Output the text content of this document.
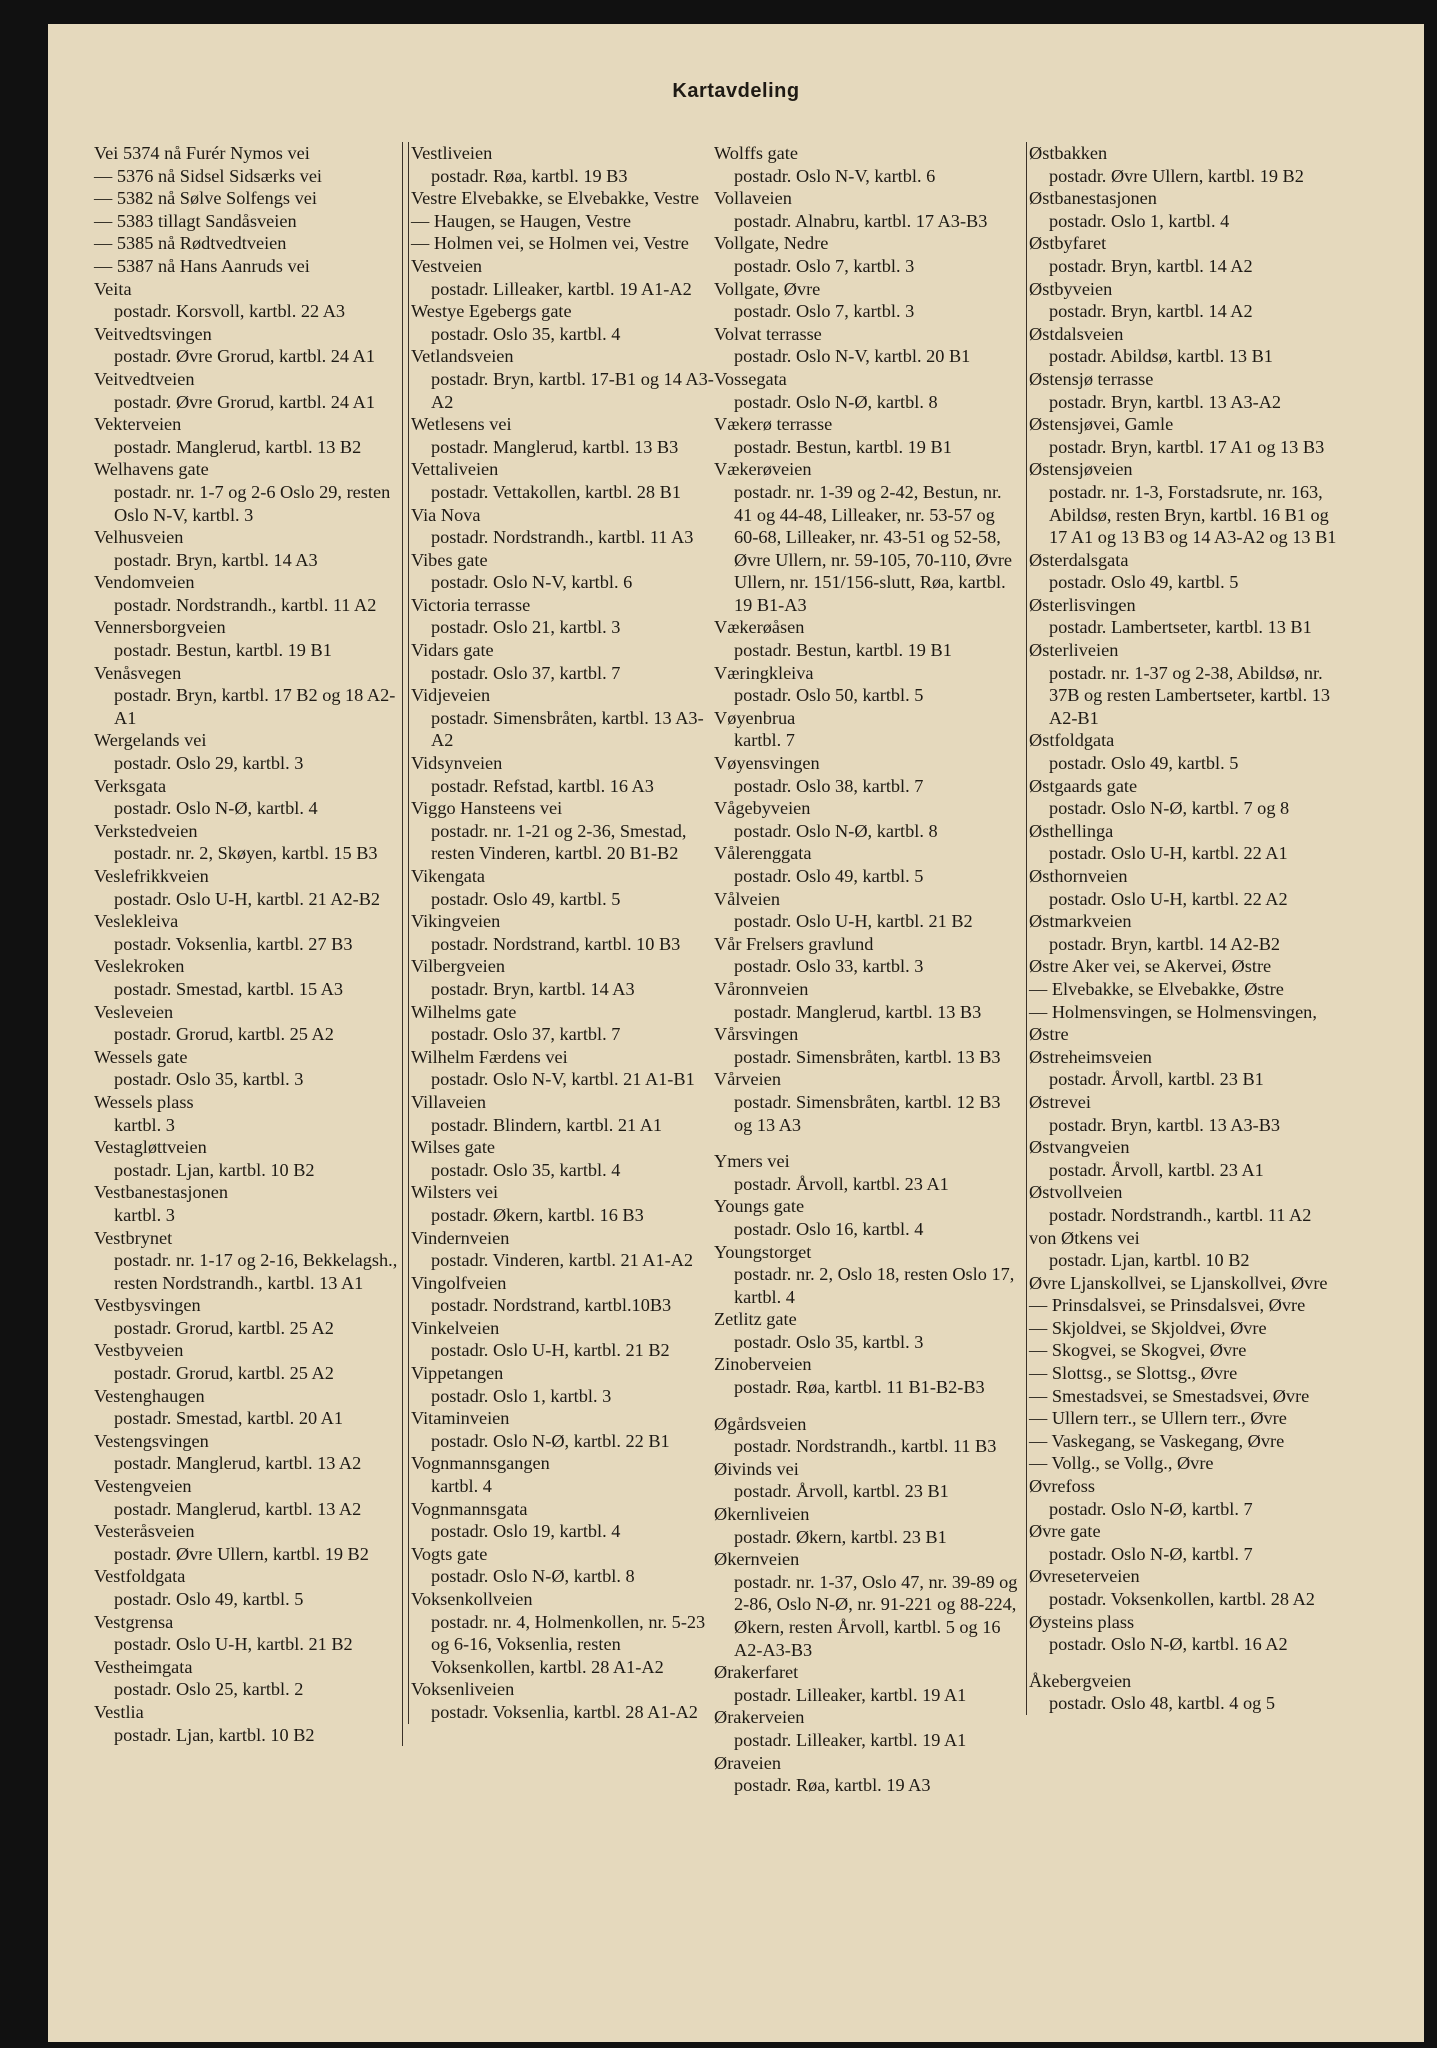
Kartavdeling
Vei 5374 nå Furér Nymos vei
— 5376 nå Sidsel Sidsærks vei
— 5382 nå Sølve Solfengs vei
— 5383 tillagt Sandåsveien
— 5385 nå Rødtvedtveien
— 5387 nå Hans Aanruds vei
Veita
postadr. Korsvoll, kartbl. 22 A3
Veitvedtsvingen
postadr. Øvre Grorud, kartbl. 24 A1
Veitvedtveien
postadr. Øvre Grorud, kartbl. 24 A1
Vekterveien
postadr. Manglerud, kartbl. 13 B2
Welhavens gate
postadr. nr. 1-7 og 2-6 Oslo 29, resten Oslo N-V, kartbl. 3
Velhusveien
postadr. Bryn, kartbl. 14 A3
Vendomveien
postadr. Nordstrandh., kartbl. 11 A2
Vennersborgveien
postadr. Bestun, kartbl. 19 B1
Venåsvegen
postadr. Bryn, kartbl. 17 B2 og 18 A2-A1
Wergelands vei
postadr. Oslo 29, kartbl. 3
Verksgata
postadr. Oslo N-Ø, kartbl. 4
Verkstedveien
postadr. nr. 2, Skøyen, kartbl. 15 B3
Veslefrikkveien
postadr. Oslo U-H, kartbl. 21 A2-B2
Veslekleiva
postadr. Voksenlia, kartbl. 27 B3
Veslekroken
postadr. Smestad, kartbl. 15 A3
Vesleveien
postadr. Grorud, kartbl. 25 A2
Wessels gate
postadr. Oslo 35, kartbl. 3
Wessels plass
kartbl. 3
Vestagløttveien
postadr. Ljan, kartbl. 10 B2
Vestbanestasjonen
kartbl. 3
Vestbrynet
postadr. nr. 1-17 og 2-16, Bekkelagsh., resten Nordstrandh., kartbl. 13 A1
Vestbysvingen
postadr. Grorud, kartbl. 25 A2
Vestbyveien
postadr. Grorud, kartbl. 25 A2
Vestenghaugen
postadr. Smestad, kartbl. 20 A1
Vestengsvingen
postadr. Manglerud, kartbl. 13 A2
Vestengveien
postadr. Manglerud, kartbl. 13 A2
Vesteråsveien
postadr. Øvre Ullern, kartbl. 19 B2
Vestfoldgata
postadr. Oslo 49, kartbl. 5
Vestgrensa
postadr. Oslo U-H, kartbl. 21 B2
Vestheimgata
postadr. Oslo 25, kartbl. 2
Vestlia
postadr. Ljan, kartbl. 10 B2
Vestliveien
postadr. Røa, kartbl. 19 B3
Vestre Elvebakke, se Elvebakke, Vestre
— Haugen, se Haugen, Vestre
— Holmen vei, se Holmen vei, Vestre
Vestveien
postadr. Lilleaker, kartbl. 19 A1-A2
Westye Egebergs gate
postadr. Oslo 35, kartbl. 4
Vetlandsveien
postadr. Bryn, kartbl. 17-B1 og 14 A3-A2
Wetlesens vei
postadr. Manglerud, kartbl. 13 B3
Vettaliveien
postadr. Vettakollen, kartbl. 28 B1
Via Nova
postadr. Nordstrandh., kartbl. 11 A3
Vibes gate
postadr. Oslo N-V, kartbl. 6
Victoria terrasse
postadr. Oslo 21, kartbl. 3
Vidars gate
postadr. Oslo 37, kartbl. 7
Vidjeveien
postadr. Simensbråten, kartbl. 13 A3-A2
Vidsynveien
postadr. Refstad, kartbl. 16 A3
Viggo Hansteens vei
postadr. nr. 1-21 og 2-36, Smestad, resten Vinderen, kartbl. 20 B1-B2
Vikengata
postadr. Oslo 49, kartbl. 5
Vikingveien
postadr. Nordstrand, kartbl. 10 B3
Vilbergveien
postadr. Bryn, kartbl. 14 A3
Wilhelms gate
postadr. Oslo 37, kartbl. 7
Wilhelm Færdens vei
postadr. Oslo N-V, kartbl. 21 A1-B1
Villaveien
postadr. Blindern, kartbl. 21 A1
Wilses gate
postadr. Oslo 35, kartbl. 4
Wilsters vei
postadr. Økern, kartbl. 16 B3
Vindernveien
postadr. Vinderen, kartbl. 21 A1-A2
Vingolfveien
postadr. Nordstrand, kartbl.10B3
Vinkelveien
postadr. Oslo U-H, kartbl. 21 B2
Vippetangen
postadr. Oslo 1, kartbl. 3
Vitaminveien
postadr. Oslo N-Ø, kartbl. 22 B1
Vognmannsgangen
kartbl. 4
Vognmannsgata
postadr. Oslo 19, kartbl. 4
Vogts gate
postadr. Oslo N-Ø, kartbl. 8
Voksenkollveien
postadr. nr. 4, Holmenkollen, nr. 5-23 og 6-16, Voksenlia, resten Voksenkollen, kartbl. 28 A1-A2
Voksenliveien
postadr. Voksenlia, kartbl. 28 A1-A2
Wolffs gate
postadr. Oslo N-V, kartbl. 6
Vollaveien
postadr. Alnabru, kartbl. 17 A3-B3
Vollgate, Nedre
postadr. Oslo 7, kartbl. 3
Vollgate, Øvre
postadr. Oslo 7, kartbl. 3
Volvat terrasse
postadr. Oslo N-V, kartbl. 20 B1
Vossegata
postadr. Oslo N-Ø, kartbl. 8
Vækerø terrasse
postadr. Bestun, kartbl. 19 B1
Vækerøveien
postadr. nr. 1-39 og 2-42, Bestun, nr. 41 og 44-48, Lilleaker, nr. 53-57 og 60-68, Lilleaker, nr. 43-51 og 52-58, Øvre Ullern, nr. 59-105, 70-110, Øvre Ullern, nr. 151/156-slutt, Røa, kartbl. 19 B1-A3
Vækerøåsen
postadr. Bestun, kartbl. 19 B1
Væringkleiva
postadr. Oslo 50, kartbl. 5
Vøyenbrua
kartbl. 7
Vøyensvingen
postadr. Oslo 38, kartbl. 7
Vågebyveien
postadr. Oslo N-Ø, kartbl. 8
Vålerenggata
postadr. Oslo 49, kartbl. 5
Vålveien
postadr. Oslo U-H, kartbl. 21 B2
Vår Frelsers gravlund
postadr. Oslo 33, kartbl. 3
Våronnveien
postadr. Manglerud, kartbl. 13 B3
Vårsvingen
postadr. Simensbråten, kartbl. 13 B3
Vårveien
postadr. Simensbråten, kartbl. 12 B3 og 13 A3
Ymers vei
postadr. Årvoll, kartbl. 23 A1
Youngs gate
postadr. Oslo 16, kartbl. 4
Youngstorget
postadr. nr. 2, Oslo 18, resten Oslo 17, kartbl. 4
Zetlitz gate
postadr. Oslo 35, kartbl. 3
Zinoberveien
postadr. Røa, kartbl. 11 B1-B2-B3
Øgårdsveien
postadr. Nordstrandh., kartbl. 11 B3
Øivinds vei
postadr. Årvoll, kartbl. 23 B1
Økernliveien
postadr. Økern, kartbl. 23 B1
Økernveien
postadr. nr. 1-37, Oslo 47, nr. 39-89 og 2-86, Oslo N-Ø, nr. 91-221 og 88-224, Økern, resten Årvoll, kartbl. 5 og 16 A2-A3-B3
Ørakerfaret
postadr. Lilleaker, kartbl. 19 A1
Ørakerveien
postadr. Lilleaker, kartbl. 19 A1
Øraveien
postadr. Røa, kartbl. 19 A3
Østbakken
postadr. Øvre Ullern, kartbl. 19 B2
Østbanestasjonen
postadr. Oslo 1, kartbl. 4
Østbyfaret
postadr. Bryn, kartbl. 14 A2
Østbyveien
postadr. Bryn, kartbl. 14 A2
Østdalsveien
postadr. Abildsø, kartbl. 13 B1
Østensjø terrasse
postadr. Bryn, kartbl. 13 A3-A2
Østensjøvei, Gamle
postadr. Bryn, kartbl. 17 A1 og 13 B3
Østensjøveien
postadr. nr. 1-3, Forstadsrute, nr. 163, Abildsø, resten Bryn, kartbl. 16 B1 og 17 A1 og 13 B3 og 14 A3-A2 og 13 B1
Østerdalsgata
postadr. Oslo 49, kartbl. 5
Østerlisvingen
postadr. Lambertseter, kartbl. 13 B1
Østerliveien
postadr. nr. 1-37 og 2-38, Abildsø, nr. 37B og resten Lambertseter, kartbl. 13 A2-B1
Østfoldgata
postadr. Oslo 49, kartbl. 5
Østgaards gate
postadr. Oslo N-Ø, kartbl. 7 og 8
Østhellinga
postadr. Oslo U-H, kartbl. 22 A1
Østhornveien
postadr. Oslo U-H, kartbl. 22 A2
Østmarkveien
postadr. Bryn, kartbl. 14 A2-B2
Østre Aker vei, se Akervei, Østre
— Elvebakke, se Elvebakke, Østre
— Holmensvingen, se Holmensvingen, Østre
Østreheimsveien
postadr. Årvoll, kartbl. 23 B1
Østrevei
postadr. Bryn, kartbl. 13 A3-B3
Østvangveien
postadr. Årvoll, kartbl. 23 A1
Østvollveien
postadr. Nordstrandh., kartbl. 11 A2
von Øtkens vei
postadr. Ljan, kartbl. 10 B2
Øvre Ljanskollvei, se Ljanskollvei, Øvre
— Prinsdalsvei, se Prinsdalsvei, Øvre
— Skjoldvei, se Skjoldvei, Øvre
— Skogvei, se Skogvei, Øvre
— Slottsg., se Slottsg., Øvre
— Smestadsvei, se Smestadsvei, Øvre
— Ullern terr., se Ullern terr., Øvre
— Vaskegang, se Vaskegang, Øvre
— Vollg., se Vollg., Øvre
Øvrefoss
postadr. Oslo N-Ø, kartbl. 7
Øvre gate
postadr. Oslo N-Ø, kartbl. 7
Øvreseterveien
postadr. Voksenkollen, kartbl. 28 A2
Øysteins plass
postadr. Oslo N-Ø, kartbl. 16 A2
Åkebergveien
postadr. Oslo 48, kartbl. 4 og 5
